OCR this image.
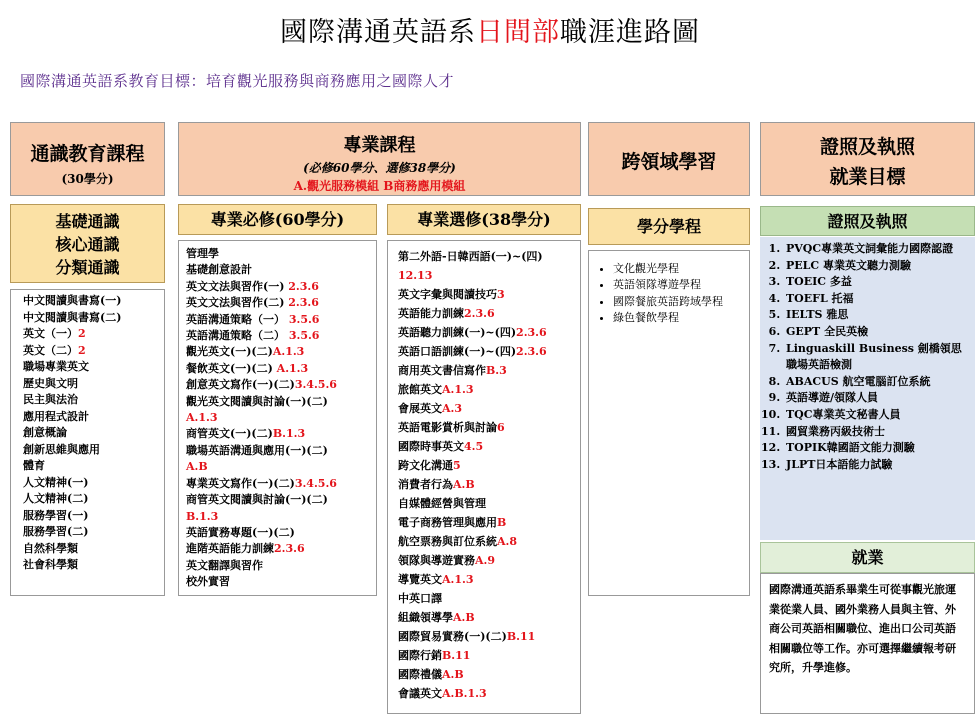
國際溝通英語系日間部職涯進路圖
國際溝通英語系教育目標：培育觀光服務與商務應用之國際人才
通識教育課程
(30學分)
基礎通識
核心通識
分類通識
中文閱讀與書寫(一)
中文閱讀與書寫(二)
英文（一）2
英文（二）2
職場專業英文
歷史與文明
民主與法治
應用程式設計
創意概論
創新思維與應用
體育
人文精神(一)
人文精神(二)
服務學習(一)
服務學習(二)
自然科學類
社會科學類
專業課程
(必修60學分、選修38學分)
A.觀光服務模組 B商務應用模組
專業必修(60學分)
管理學
基礎創意設計
英文文法與習作(一) 2.3.6
英文文法與習作(二) 2.3.6
英語溝通策略（一） 3.5.6
英語溝通策略（二） 3.5.6
觀光英文(一)(二)A.1.3
餐飲英文(一)(二) A.1.3
創意英文寫作(一)(二)3.4.5.6
觀光英文閱讀與討論(一)(二)
A.1.3
商管英文(一)(二)B.1.3
職場英語溝通與應用(一)(二)
A.B
專業英文寫作(一)(二)3.4.5.6
商管英文閱讀與討論(一)(二)
B.1.3
英語實務專題(一)(二)
進階英語能力訓練2.3.6
英文翻譯與習作
校外實習
專業選修(38學分)
第二外語-日韓西語(一)~(四)
12.13
英文字彙與閱讀技巧3
英語能力訓練2.3.6
英語聽力訓練(一)~(四)2.3.6
英語口語訓練(一)~(四)2.3.6
商用英文書信寫作B.3
旅館英文A.1.3
會展英文A.3
英語電影賞析與討論6
國際時事英文4.5
跨文化溝通5
消費者行為A.B
自媒體經營與管理
電子商務管理與應用B
航空票務與訂位系統A.8
領隊與導遊實務A.9
導覽英文A.1.3
中英口譯
組織領導學A.B
國際貿易實務(一)(二)B.11
國際行銷B.11
國際禮儀A.B
會議英文A.B.1.3
跨領域學習
學分學程
• 文化觀光學程
• 英語領隊導遊學程
• 國際餐旅英語跨域學程
• 綠色餐飲學程
證照及執照
就業目標
證照及執照
1. PVQC專業英文詞彙能力國際認證
2. PELC 專業英文聽力測驗
3. TOEIC 多益
4. TOEFL 托福
5. IELTS 雅思
6. GEPT 全民英檢
7. Linguaskill Business 劍橋領思職場英語檢測
8. ABACUS 航空電腦訂位系統
9. 英語導遊/領隊人員
10. TQC專業英文秘書人員
11. 國貿業務丙級技術士
12. TOPIK韓國語文能力測驗
13. JLPT日本語能力試驗
就業
國際溝通英語系畢業生可從事觀光旅運業從業人員、國外業務人員與主管、外商公司英語相關職位、進出口公司英語相關職位等工作。亦可選擇繼續報考研究所，升學進修。
